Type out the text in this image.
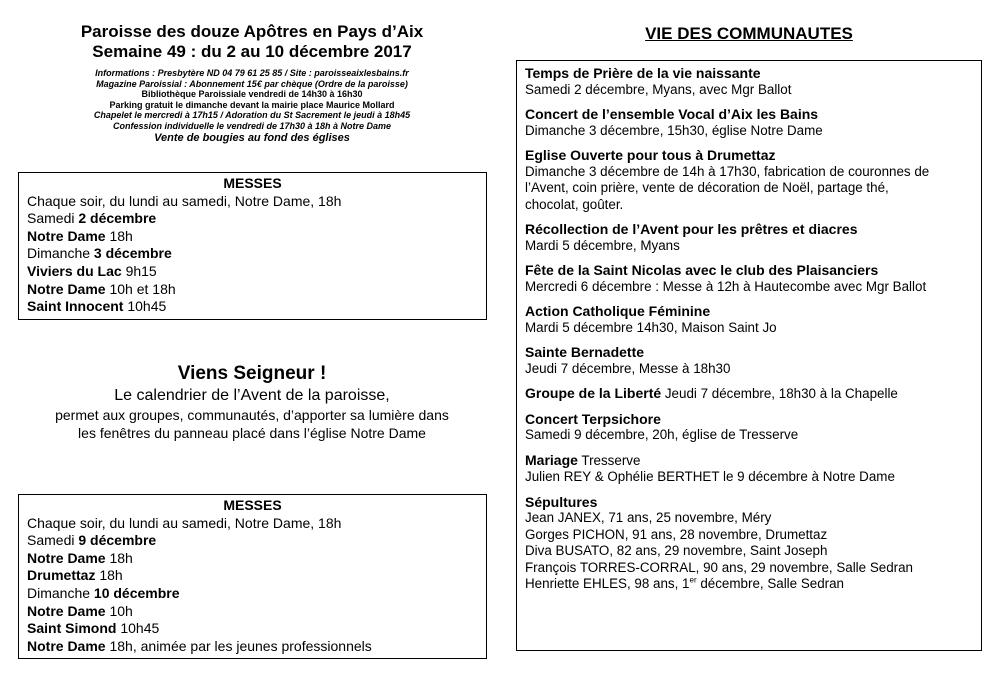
Paroisse des douze Apôtres en Pays d’Aix
Semaine 49 : du 2 au 10 décembre 2017
Informations : Presbytère ND 04 79 61 25 85 / Site : paroisseaixlesbains.fr
Magazine Paroissial : Abonnement 15€ par chèque (Ordre de la paroisse)
Bibliothèque Paroissiale vendredi de 14h30 à 16h30
Parking gratuit le dimanche devant la mairie place Maurice Mollard
Chapelet le mercredi à 17h15 / Adoration du St Sacrement le jeudi à 18h45
Confession individuelle le vendredi de 17h30 à 18h à Notre Dame
Vente de bougies au fond des églises
MESSES
Chaque soir, du lundi au samedi, Notre Dame, 18h
Samedi 2 décembre
Notre Dame 18h
Dimanche 3 décembre
Viviers du Lac 9h15
Notre Dame 10h et 18h
Saint Innocent 10h45
Viens Seigneur !
Le calendrier de l’Avent de la paroisse,
permet aux groupes, communautés, d’apporter sa lumière dans
les fenêtres du panneau placé dans l’église Notre Dame
MESSES
Chaque soir, du lundi au samedi, Notre Dame, 18h
Samedi 9 décembre
Notre Dame 18h
Drumettaz 18h
Dimanche 10 décembre
Notre Dame 10h
Saint Simond 10h45
Notre Dame 18h, animée par les jeunes professionnels
VIE DES COMMUNAUTES
Temps de Prière de la vie naissante
Samedi 2 décembre, Myans, avec Mgr Ballot
Concert de l’ensemble Vocal d’Aix les Bains
Dimanche 3 décembre, 15h30, église Notre Dame
Eglise Ouverte pour tous à Drumettaz
Dimanche 3 décembre de 14h à 17h30, fabrication de couronnes de
l’Avent, coin prière, vente de décoration de Noël, partage thé,
chocolat, goûter.
Récollection de l’Avent pour les prêtres et diacres
Mardi 5 décembre, Myans
Fête de la Saint Nicolas avec le club des Plaisanciers
Mercredi 6 décembre : Messe à 12h à Hautecombe avec Mgr Ballot
Action Catholique Féminine
Mardi 5 décembre 14h30, Maison Saint Jo
Sainte Bernadette
Jeudi 7 décembre, Messe à 18h30
Groupe de la Liberté Jeudi 7 décembre, 18h30 à la Chapelle
Concert Terpsichore
Samedi 9 décembre, 20h, église de Tresserve
Mariage Tresserve
Julien REY & Ophélie BERTHET le 9 décembre à Notre Dame
Sépultures
Jean JANEX, 71 ans, 25 novembre, Méry
Gorges PICHON, 91 ans, 28 novembre, Drumettaz
Diva BUSATO, 82 ans, 29 novembre, Saint Joseph
François TORRES-CORRAL, 90 ans, 29 novembre, Salle Sedran
Henriette EHLES, 98 ans, 1er décembre, Salle Sedran
